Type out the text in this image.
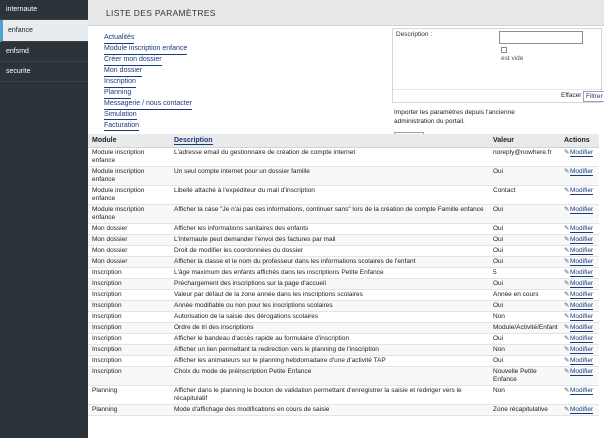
internaute
enfance
enfsmd
securite
LISTE DES PARAMÈTRES
Actualités
Module inscription enfance
Créer mon dossier
Mon dossier
Inscription
Planning
Messagerie / nous contacter
Simulation
Facturation
Description :
est vide
Effacer Filtrer
Importer les paramètres depuis l'ancienne administration du portail.
Module	Description	Valeur	Actions
Module inscription enfance	L'adresse email du gestionnaire de création de compte internet	noreply@nowhere.fr	✎Modifier
Module inscription enfance	Un seul compte internet pour un dossier famille	Oui	✎Modifier
Module inscription enfance	Libellé attaché à l'expéditeur du mail d'inscription	Contact	✎Modifier
Module inscription enfance	Afficher la case "Je n'ai pas ces informations, continuer sans" lors de la création de compte Famille enfance	Oui	✎Modifier
Mon dossier	Afficher les informations sanitaires des enfants	Oui	✎Modifier
Mon dossier	L'internaute peut demander l'envoi des factures par mail	Oui	✎Modifier
Mon dossier	Droit de modifier les coordonnées du dossier	Oui	✎Modifier
Mon dossier	Afficher la classe et le nom du professeur dans les informations scolaires de l'enfant	Oui	✎Modifier
Inscription	L'âge maximum des enfants affichés dans les inscriptions Petite Enfance	5	✎Modifier
Inscription	Préchargement des inscriptions sur la page d'accueil	Oui	✎Modifier
Inscription	Valeur par défaut de la zone année dans les inscriptions scolaires	Année en cours	✎Modifier
Inscription	Année modifiable ou non pour les inscriptions scolaires	Oui	✎Modifier
Inscription	Autorisation de la saisie des dérogations scolaires	Non	✎Modifier
Inscription	Ordre de tri des inscriptions	Module/Activité/Enfant	✎Modifier
Inscription	Afficher le bandeau d'accès rapide au formulaire d'inscription	Oui	✎Modifier
Inscription	Afficher un lien permettant la redirection vers le planning de l'inscription	Non	✎Modifier
Inscription	Afficher les animateurs sur le planning hebdomadaire d'une d'activité TAP	Oui	✎Modifier
Inscription	Choix du mode de préinscription Petite Enfance	Nouvelle Petite Enfance	✎Modifier
Planning	Afficher dans le planning le bouton de validation permettant d'enregistrer la saisie et rediriger vers le récapitulatif	Non	✎Modifier
Planning	Mode d'affichage des modifications en cours de saisie	Zone récapitulative	✎Modifier
